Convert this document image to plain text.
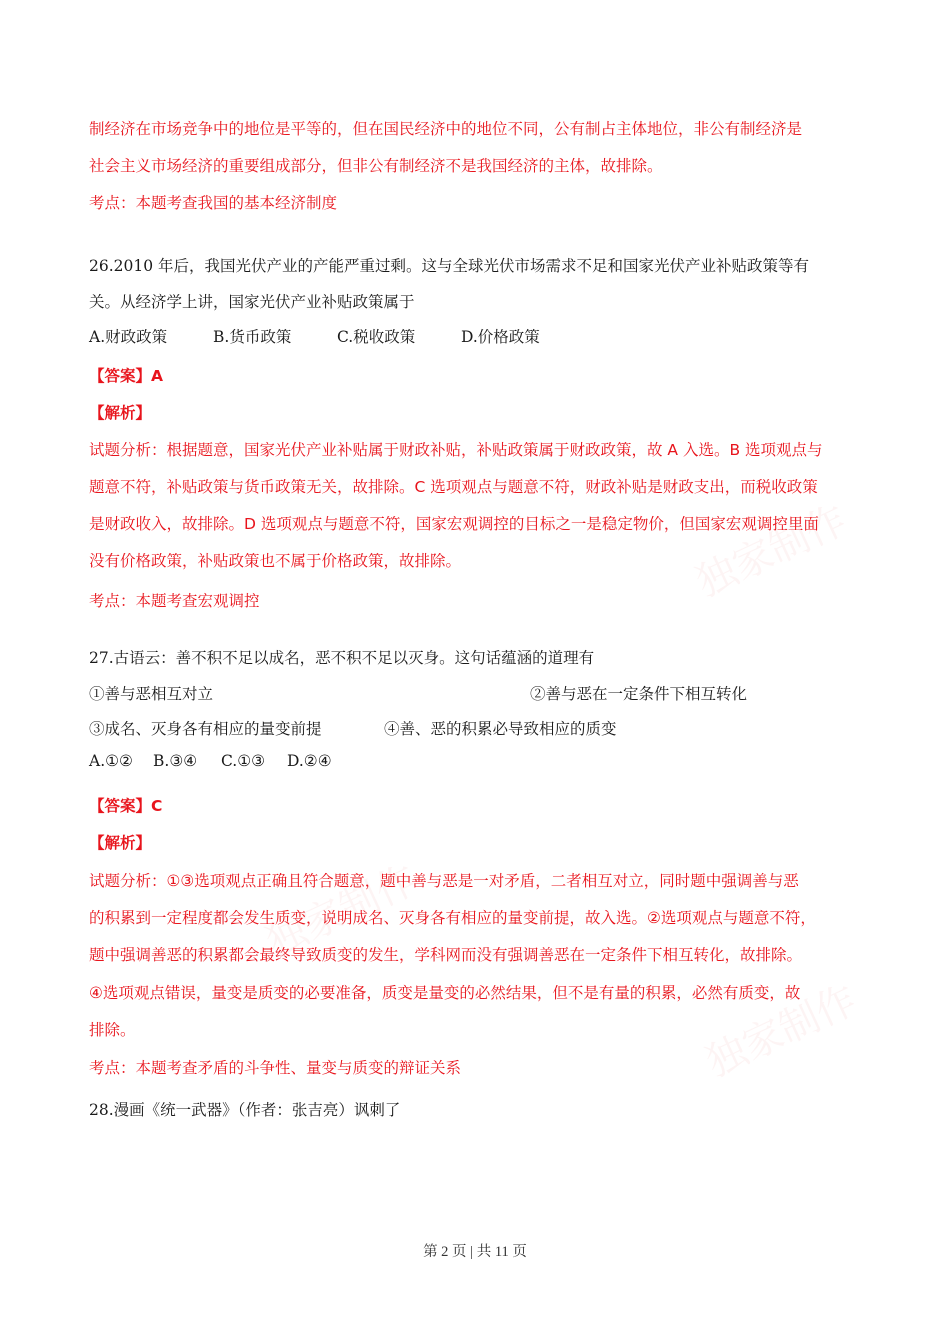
独家制作
独家制作
独家制作
制经济在市场竞争中的地位是平等的，但在国民经济中的地位不同，公有制占主体地位，非公有制经济是
社会主义市场经济的重要组成部分，但非公有制经济不是我国经济的主体，故排除。
考点：本题考查我国的基本经济制度
26.2010 年后，我国光伏产业的产能严重过剩。这与全球光伏市场需求不足和国家光伏产业补贴政策等有
关。从经济学上讲，国家光伏产业补贴政策属于
A.财政政策	B.货币政策	C.税收政策	D.价格政策
【答案】A
【解析】
试题分析：根据题意，国家光伏产业补贴属于财政补贴，补贴政策属于财政政策，故 A 入选。B 选项观点与
题意不符，补贴政策与货币政策无关，故排除。C 选项观点与题意不符，财政补贴是财政支出，而税收政策
是财政收入，故排除。D 选项观点与题意不符，国家宏观调控的目标之一是稳定物价，但国家宏观调控里面
没有价格政策，补贴政策也不属于价格政策，故排除。
考点：本题考查宏观调控
27.古语云：善不积不足以成名，恶不积不足以灭身。这句话蕴涵的道理有
①善与恶相互对立	②善与恶在一定条件下相互转化
③成名、灭身各有相应的量变前提	④善、恶的积累必导致相应的质变
A.①② B.③④ C.①③ D.②④
【答案】C
【解析】
试题分析：①③选项观点正确且符合题意，题中善与恶是一对矛盾，二者相互对立，同时题中强调善与恶
的积累到一定程度都会发生质变，说明成名、灭身各有相应的量变前提，故入选。②选项观点与题意不符，
题中强调善恶的积累都会最终导致质变的发生，学科网而没有强调善恶在一定条件下相互转化，故排除。
④选项观点错误，量变是质变的必要准备，质变是量变的必然结果，但不是有量的积累，必然有质变，故
排除。
考点：本题考查矛盾的斗争性、量变与质变的辩证关系
28.漫画《统一武器》（作者：张吉亮）讽刺了
第 2 页 | 共 11 页
